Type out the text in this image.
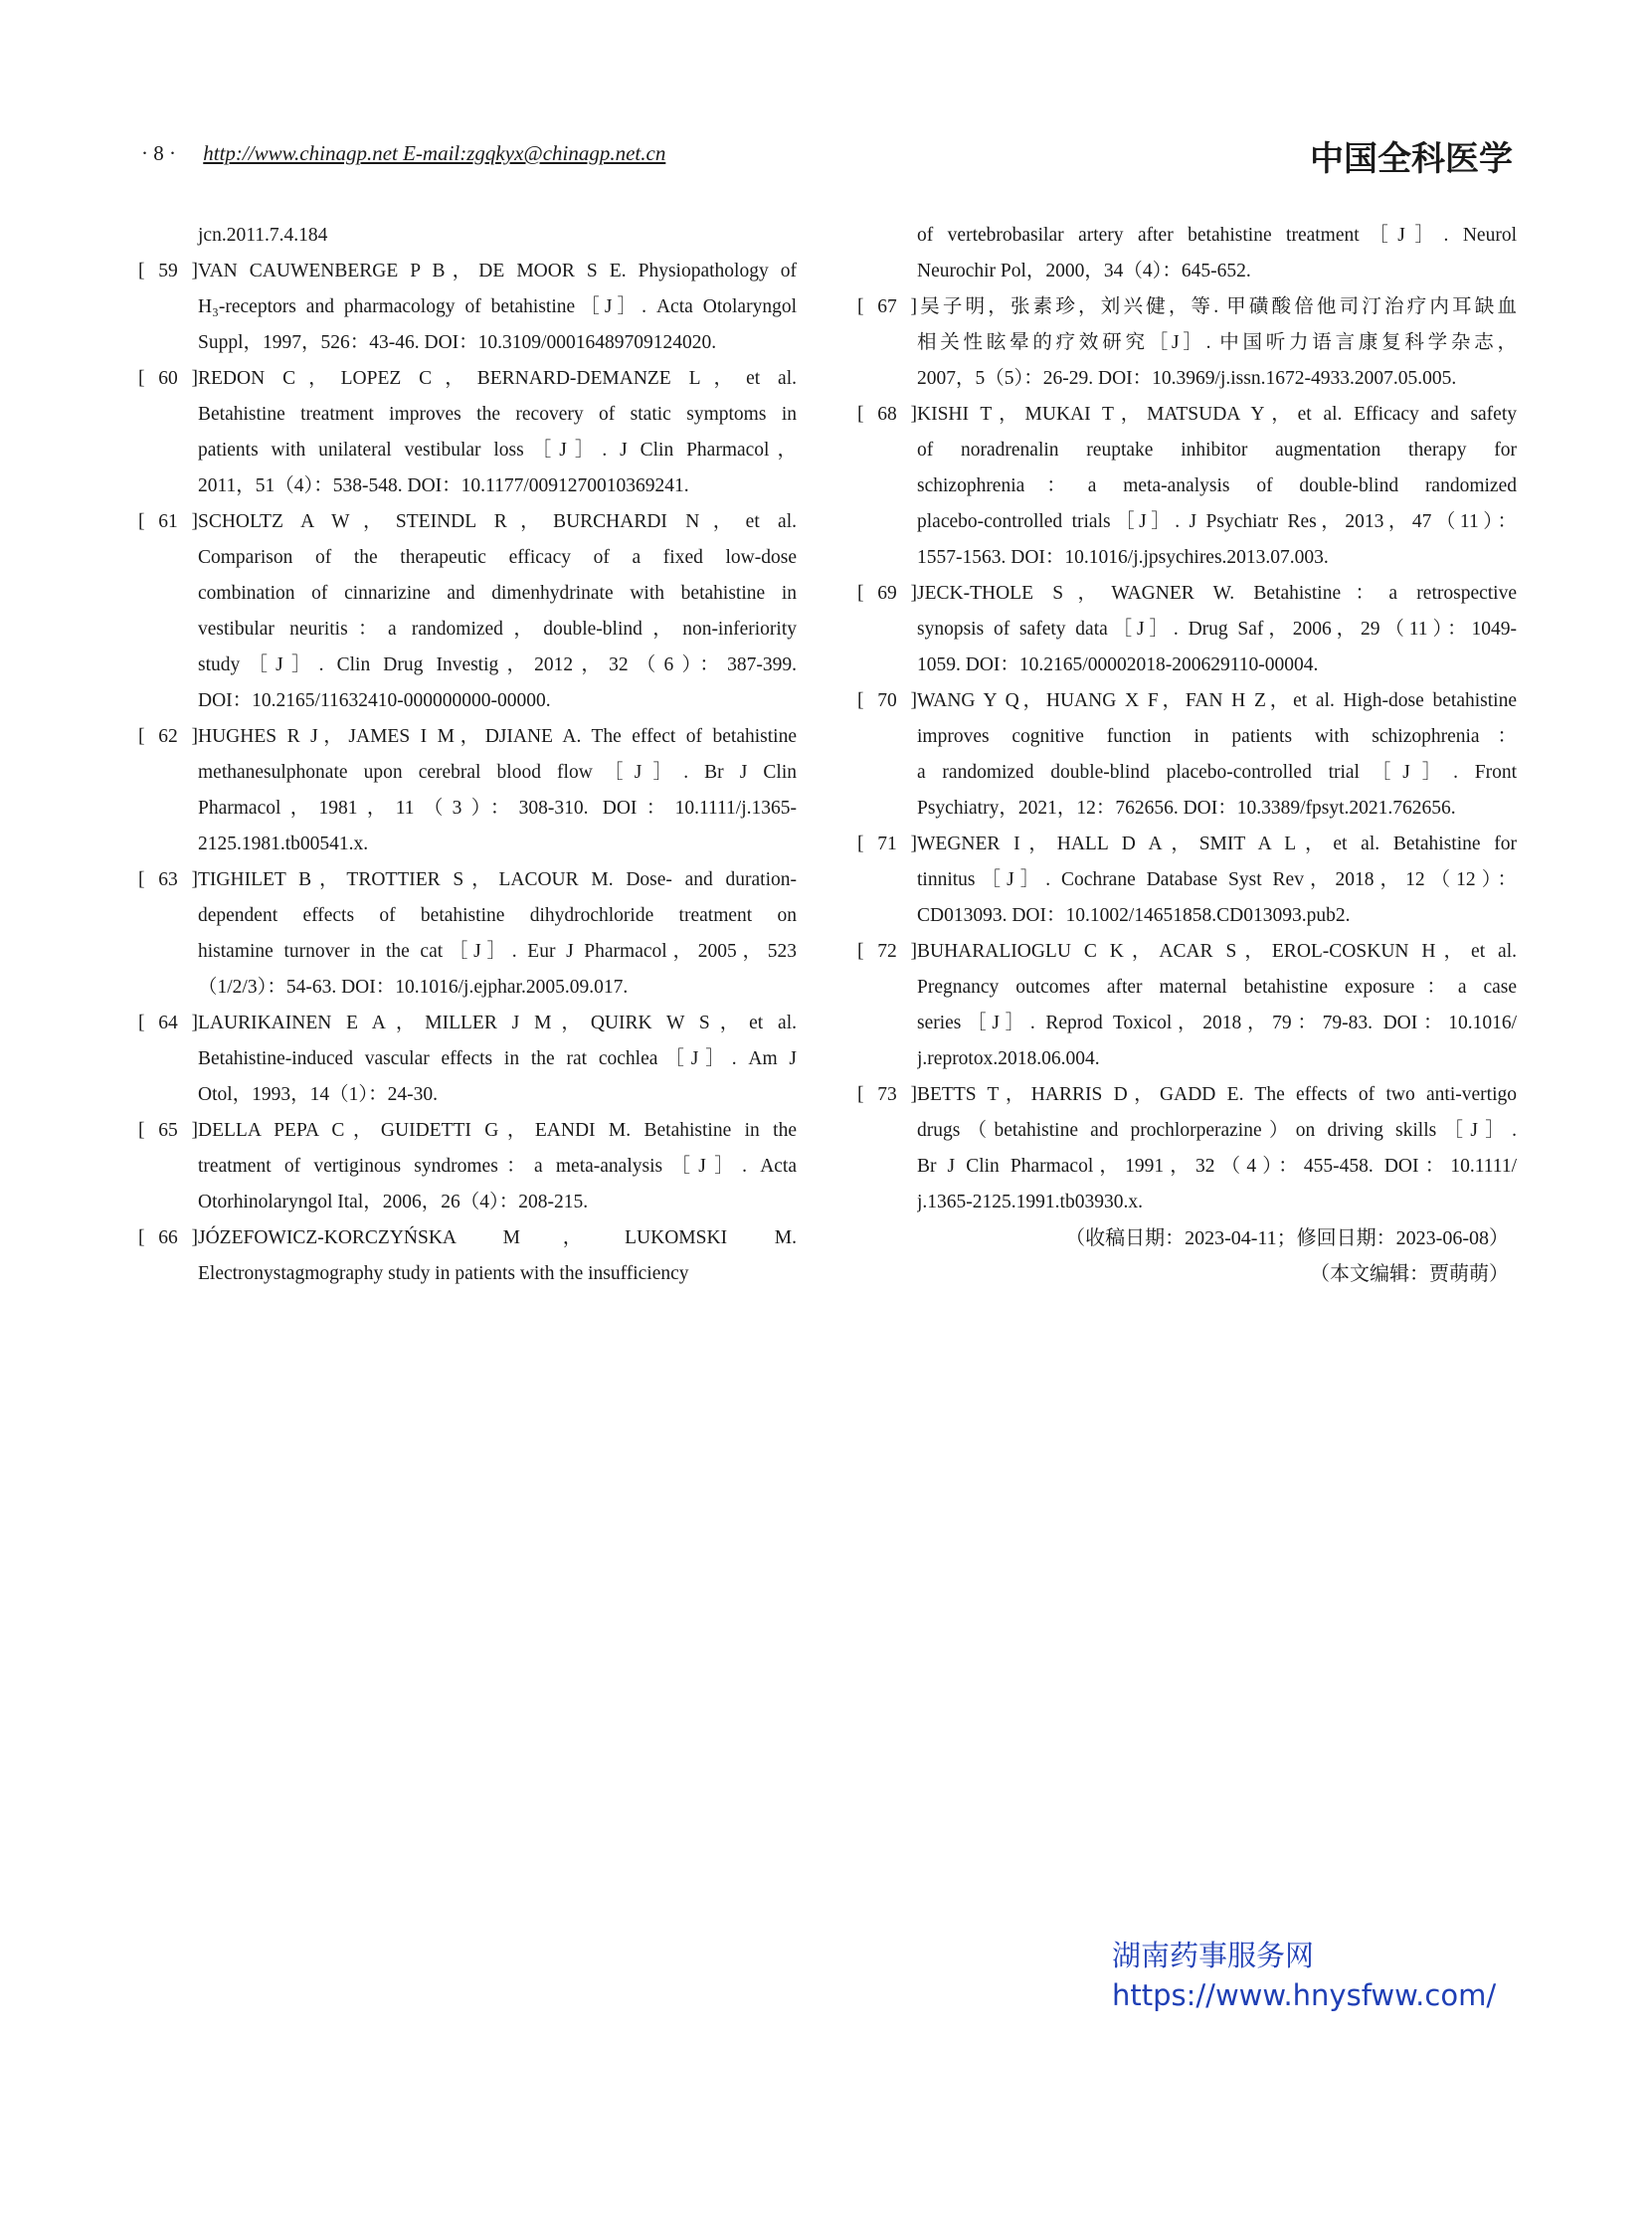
· 8 · http://www.chinagp.net E-mail:zgqkyx@chinagp.net.cn	中国全科医学
jcn.2011.7.4.184
[ 59 ]VAN CAUWENBERGE P B，DE MOOR S E. Physiopathology of
H₃-receptors and pharmacology of betahistine［J］. Acta Otolaryngol
Suppl，1997，526：43-46. DOI：10.3109/00016489709124020.
[ 60 ]REDON C，LOPEZ C，BERNARD-DEMANZE L，et al.
Betahistine treatment improves the recovery of static symptoms in
patients with unilateral vestibular loss［J］. J Clin Pharmacol，
2011，51（4）：538-548. DOI：10.1177/0091270010369241.
[ 61 ]SCHOLTZ A W，STEINDL R，BURCHARDI N，et al.
Comparison of the therapeutic efficacy of a fixed low-dose
combination of cinnarizine and dimenhydrinate with betahistine in
vestibular neuritis：a randomized，double-blind，non-inferiority
study［J］. Clin Drug Investig，2012，32（6）：387-399.
DOI：10.2165/11632410-000000000-00000.
[ 62 ]HUGHES R J，JAMES I M，DJIANE A. The effect of betahistine
methanesulphonate upon cerebral blood flow［J］. Br J Clin
Pharmacol，1981，11（3）：308-310. DOI：10.1111/j.1365-
2125.1981.tb00541.x.
[ 63 ]TIGHILET B，TROTTIER S，LACOUR M. Dose- and duration-
dependent effects of betahistine dihydrochloride treatment on
histamine turnover in the cat［J］. Eur J Pharmacol，2005，523
（1/2/3）：54-63. DOI：10.1016/j.ejphar.2005.09.017.
[ 64 ]LAURIKAINEN E A，MILLER J M，QUIRK W S，et al.
Betahistine-induced vascular effects in the rat cochlea［J］. Am J
Otol，1993，14（1）：24-30.
[ 65 ]DELLA PEPA C，GUIDETTI G，EANDI M. Betahistine in the
treatment of vertiginous syndromes：a meta-analysis［J］. Acta
Otorhinolaryngol Ital，2006，26（4）：208-215.
[ 66 ]JÓZEFOWICZ-KORCZYŃSKA M，LUKOMSKI M.
Electronystagmography study in patients with the insufficiency
of vertebrobasilar artery after betahistine treatment［J］. Neurol
Neurochir Pol，2000，34（4）：645-652.
[ 67 ]吴子明，张素珍，刘兴健，等. 甲磺酸倍他司汀治疗内耳缺血
相关性眩晕的疗效研究［J］. 中国听力语言康复科学杂志，
2007，5（5）：26-29. DOI：10.3969/j.issn.1672-4933.2007.05.005.
[ 68 ]KISHI T，MUKAI T，MATSUDA Y，et al. Efficacy and safety
of noradrenalin reuptake inhibitor augmentation therapy for
schizophrenia：a meta-analysis of double-blind randomized
placebo-controlled trials［J］. J Psychiatr Res，2013，47（11）：
1557-1563. DOI：10.1016/j.jpsychires.2013.07.003.
[ 69 ]JECK-THOLE S，WAGNER W. Betahistine：a retrospective
synopsis of safety data［J］. Drug Saf，2006，29（11）：1049-
1059. DOI：10.2165/00002018-200629110-00004.
[ 70 ]WANG Y Q，HUANG X F，FAN H Z，et al. High-dose betahistine
improves cognitive function in patients with schizophrenia：
a randomized double-blind placebo-controlled trial［J］. Front
Psychiatry，2021，12：762656. DOI：10.3389/fpsyt.2021.762656.
[ 71 ]WEGNER I，HALL D A，SMIT A L，et al. Betahistine for
tinnitus［J］. Cochrane Database Syst Rev，2018，12（12）：
CD013093. DOI：10.1002/14651858.CD013093.pub2.
[ 72 ]BUHARALIOGLU C K，ACAR S，EROL-COSKUN H，et al.
Pregnancy outcomes after maternal betahistine exposure：a case
series［J］. Reprod Toxicol，2018，79：79-83. DOI：10.1016/
j.reprotox.2018.06.004.
[ 73 ]BETTS T，HARRIS D，GADD E. The effects of two anti-vertigo
drugs（betahistine and prochlorperazine）on driving skills［J］.
Br J Clin Pharmacol，1991，32（4）：455-458. DOI：10.1111/
j.1365-2125.1991.tb03930.x.
（收稿日期：2023-04-11；修回日期：2023-06-08）
（本文编辑：贾萌萌）
湖南药事服务网
https://www.hnysfww.com/
